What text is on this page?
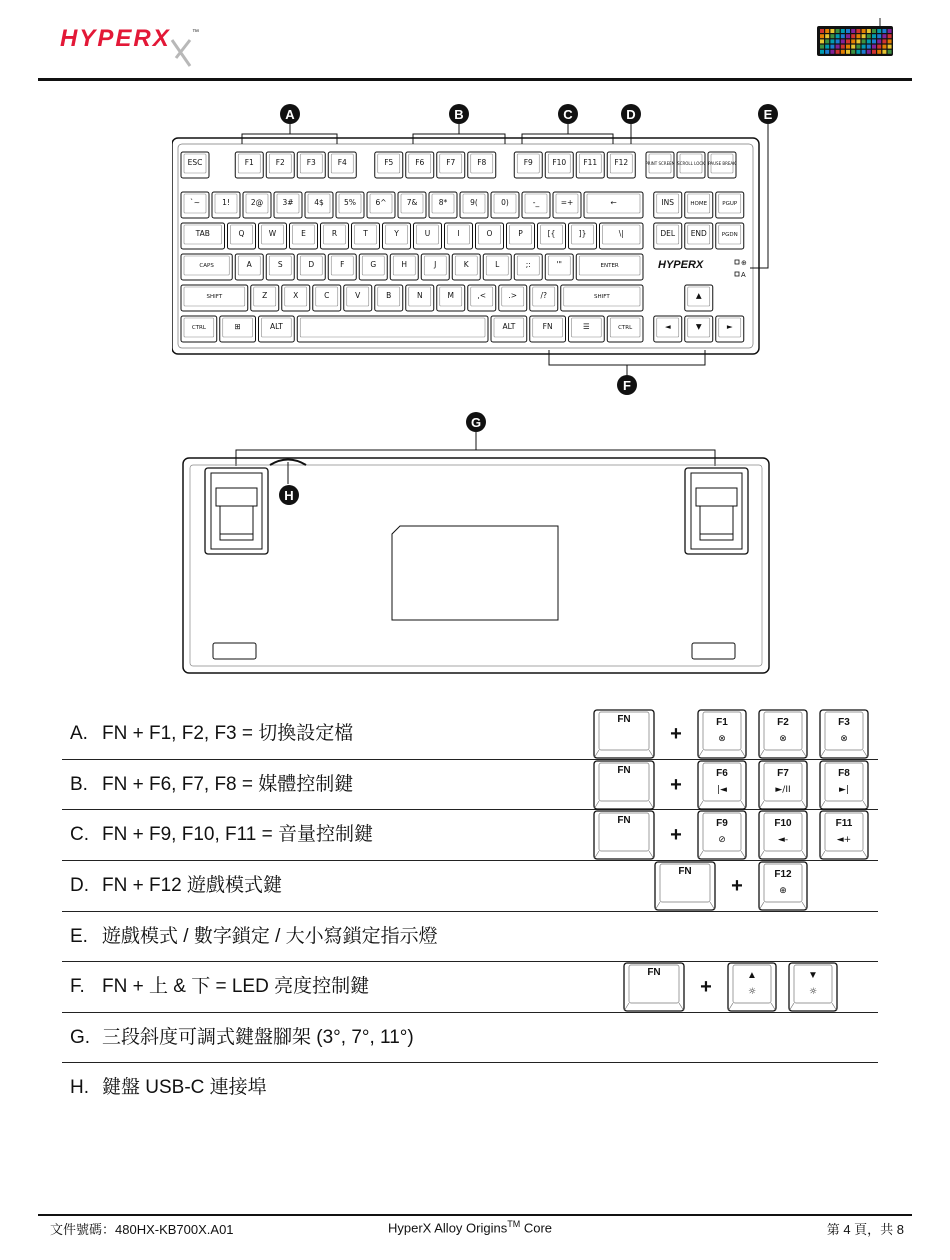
HYPERX	™
ESC	F1	F2	F3	F4	F5	F6	F7	F8	F9	F10 F11 F12	PRINT SCREEN SCROLL LOCK PAUSE BREAK
`~	1!	2@	3#	4$	5%	6^	7&	8*	9(	0)	-_	=+	←	INS	HOME	PGUP
TAB	Q	W	E	R	T	Y	U	I	O	P	[{	]}	\|	DEL END	PGDN
CAPS	A	S	D	F	G	H	J	K	L	;:	'"	ENTER
SHIFT	Z	X	C	V	B	N	M	,<	.>	/?	SHIFT	▲
CTRL	⊞	ALT	ALT	FN	☰	CTRL	◄	▼	►
HYPERX	⊕
A
A	B	C	D	E
F
G
H
A. FN + F1, F2, F3 = 切換設定檔
B. FN + F6, F7, F8 = 媒體控制鍵
C. FN + F9, F10, F11 = 音量控制鍵
D. FN + F12 遊戲模式鍵
E. 遊戲模式 / 數字鎖定 / 大小寫鎖定指示燈
F. FN + 上 & 下 = LED 亮度控制鍵
G. 三段斜度可調式鍵盤腳架 (3°, 7°, 11°)
H. 鍵盤 USB-C 連接埠
FN
+
F1
⊗
F2
⊗
F3
⊗
FN
+
F6
|◄
F7
►/II
F8
►|
FN
+
F9
⊘
F10
◄-
F11
◄+
FN
+
F12
⊕
FN
+
▲
☼
▼
☼
文件號碼：480HX-KB700X.A01	HyperX Alloy Origins™ Core	第 4 頁，共 8
